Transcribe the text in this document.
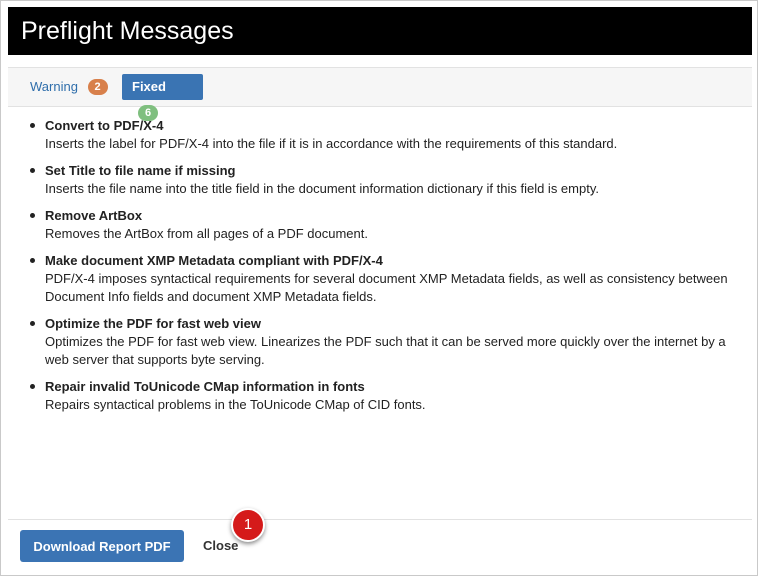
Preflight Messages
Warning 2	Fixed 6
Convert to PDF/X-4
Inserts the label for PDF/X-4 into the file if it is in accordance with the requirements of this standard.
Set Title to file name if missing
Inserts the file name into the title field in the document information dictionary if this field is empty.
Remove ArtBox
Removes the ArtBox from all pages of a PDF document.
Make document XMP Metadata compliant with PDF/X-4
PDF/X-4 imposes syntactical requirements for several document XMP Metadata fields, as well as consistency between
Document Info fields and document XMP Metadata fields.
Optimize the PDF for fast web view
Optimizes the PDF for fast web view. Linearizes the PDF such that it can be served more quickly over the internet by a
web server that supports byte serving.
Repair invalid ToUnicode CMap information in fonts
Repairs syntactical problems in the ToUnicode CMap of CID fonts.
Download Report PDF	Close
1
